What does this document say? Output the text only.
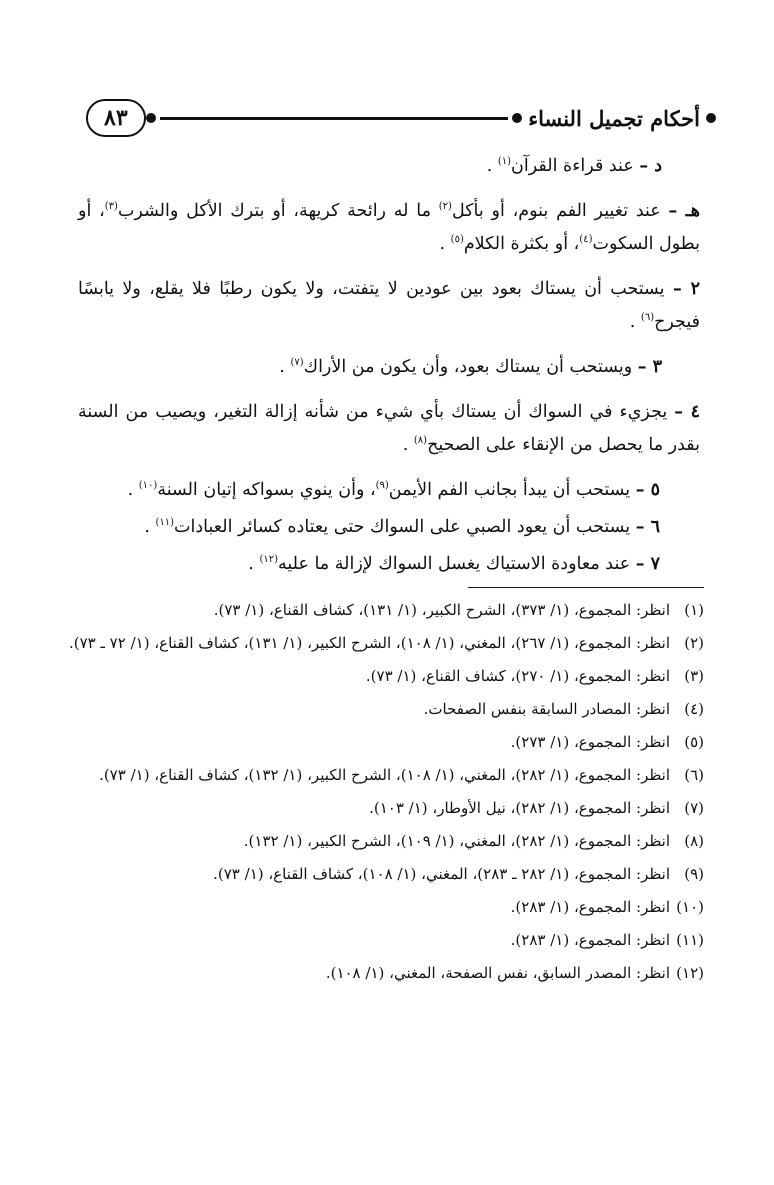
أحكام تجميل النساء
٨٣

د – عند قراءة القرآن$^{(١)}$ .

هـ – عند تغيير الفم بنوم، أو بأكل$^{(٢)}$ ما له رائحة كريهة، أو بترك الأكل والشرب$^{(٣)}$، أو بطول السكوت$^{(٤)}$، أو بكثرة الكلام$^{(٥)}$ .

٢ – يستحب أن يستاك بعود بين عودين لا يتفتت، ولا يكون رطبًا فلا يقلع، ولا يابسًا فيجرح$^{(٦)}$ .

٣ – ويستحب أن يستاك بعود، وأن يكون من الأراك$^{(٧)}$ .

٤ – يجزيء في السواك أن يستاك بأي شيء من شأنه إزالة التغير، ويصيب من السنة بقدر ما يحصل من الإنقاء على الصحيح$^{(٨)}$ .

٥ – يستحب أن يبدأ بجانب الفم الأيمن$^{(٩)}$، وأن ينوي بسواكه إتيان السنة$^{(١٠)}$ .

٦ – يستحب أن يعود الصبي على السواك حتى يعتاده كسائر العبادات$^{(١١)}$ .

٧ – عند معاودة الاستياك يغسل السواك لإزالة ما عليه$^{(١٢)}$ .

(١)
انظر: المجموع، (١/ ٣٧٣)، الشرح الكبير، (١/ ١٣١)، كشاف القناع، (١/ ٧٣).
(٢)
انظر: المجموع، (١/ ٢٦٧)، المغني، (١/ ١٠٨)، الشرح الكبير، (١/ ١٣١)، كشاف القناع، (١/ ٧٢ ـ ٧٣).
(٣)
انظر: المجموع، (١/ ٢٧٠)، كشاف القناع، (١/ ٧٣).
(٤)
انظر: المصادر السابقة بنفس الصفحات.
(٥)
انظر: المجموع، (١/ ٢٧٣).
(٦)
انظر: المجموع، (١/ ٢٨٢)، المغني، (١/ ١٠٨)، الشرح الكبير، (١/ ١٣٢)، كشاف القناع، (١/ ٧٣).
(٧)
انظر: المجموع، (١/ ٢٨٢)، نيل الأوطار، (١/ ١٠٣).
(٨)
انظر: المجموع، (١/ ٢٨٢)، المغني، (١/ ١٠٩)، الشرح الكبير، (١/ ١٣٢).
(٩)
انظر: المجموع، (١/ ٢٨٢ ـ ٢٨٣)، المغني، (١/ ١٠٨)، كشاف القناع، (١/ ٧٣).
(١٠)
انظر: المجموع، (١/ ٢٨٣).
(١١)
انظر: المجموع، (١/ ٢٨٣).
(١٢)
انظر: المصدر السابق، نفس الصفحة، المغني، (١/ ١٠٨).
